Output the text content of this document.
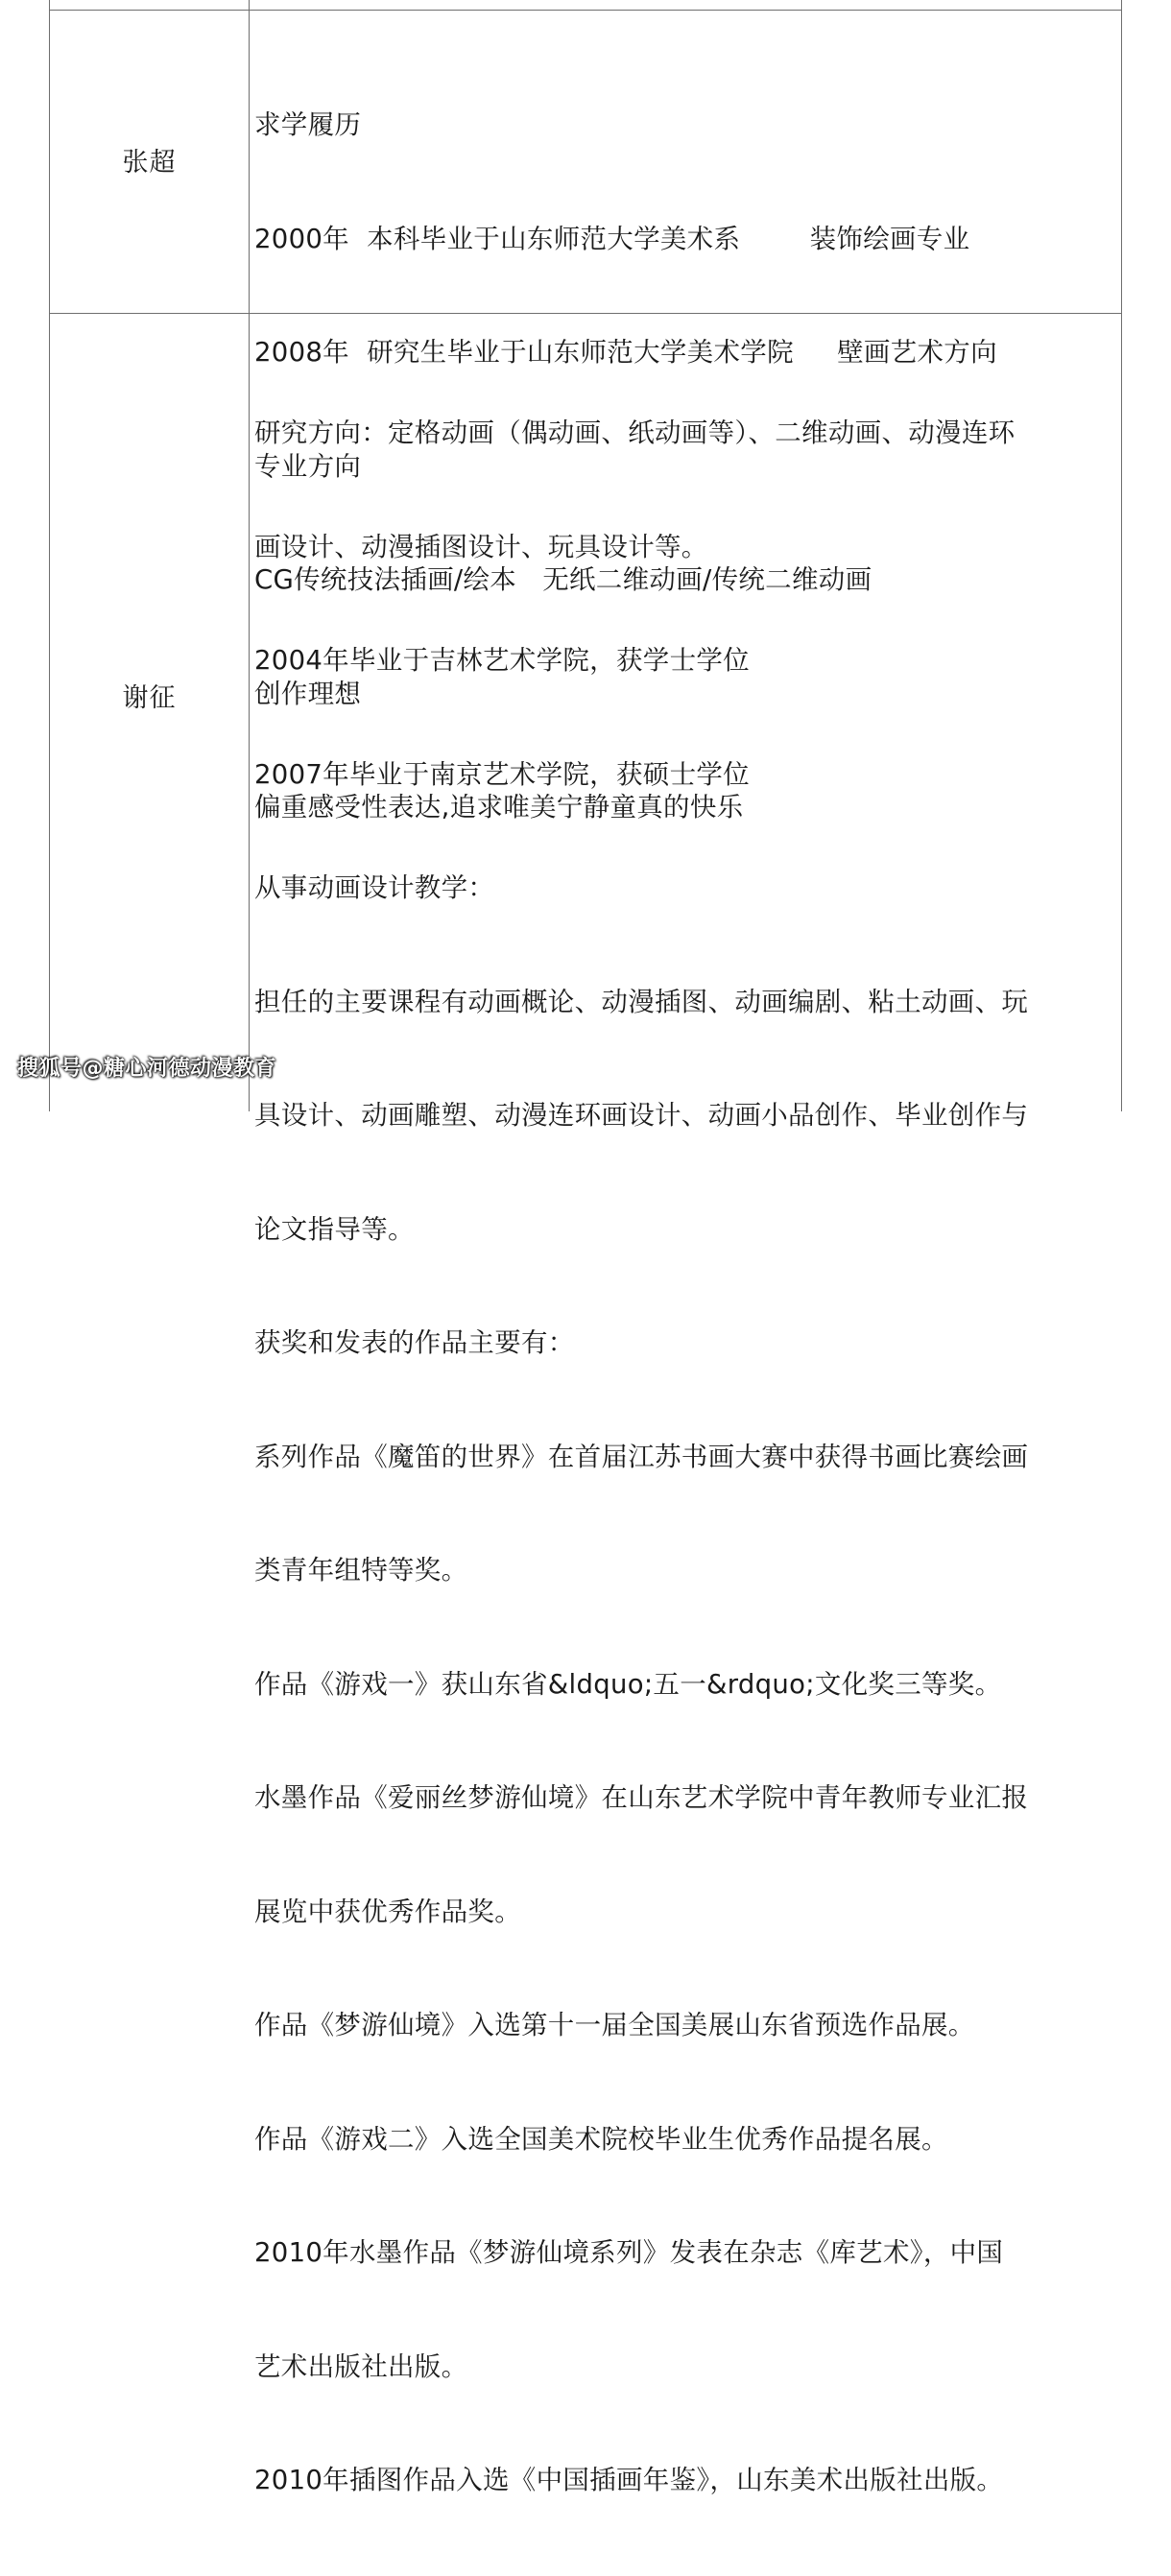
张超

求学履历

2000年  本科毕业于山东师范大学美术系        装饰绘画专业

2008年  研究生毕业于山东师范大学美术学院     壁画艺术方向

专业方向

CG传统技法插画/绘本   无纸二维动画/传统二维动画

创作理想

偏重感受性表达,追求唯美宁静童真的快乐

谢征

研究方向：定格动画（偶动画、纸动画等）、二维动画、动漫连环

画设计、动漫插图设计、玩具设计等。

2004年毕业于吉林艺术学院，获学士学位

2007年毕业于南京艺术学院，获硕士学位

从事动画设计教学：

担任的主要课程有动画概论、动漫插图、动画编剧、粘土动画、玩

具设计、动画雕塑、动漫连环画设计、动画小品创作、毕业创作与

论文指导等。

获奖和发表的作品主要有：

系列作品《魔笛的世界》在首届江苏书画大赛中获得书画比赛绘画

类青年组特等奖。

作品《游戏一》获山东省&ldquo;五一&rdquo;文化奖三等奖。

水墨作品《爱丽丝梦游仙境》在山东艺术学院中青年教师专业汇报

展览中获优秀作品奖。

作品《梦游仙境》入选第十一届全国美展山东省预选作品展。

作品《游戏二》入选全国美术院校毕业生优秀作品提名展。

2010年水墨作品《梦游仙境系列》发表在杂志《库艺术》，中国

艺术出版社出版。

2010年插图作品入选《中国插画年鉴》，山东美术出版社出版。

搜狐号@糖心河德动漫教育
